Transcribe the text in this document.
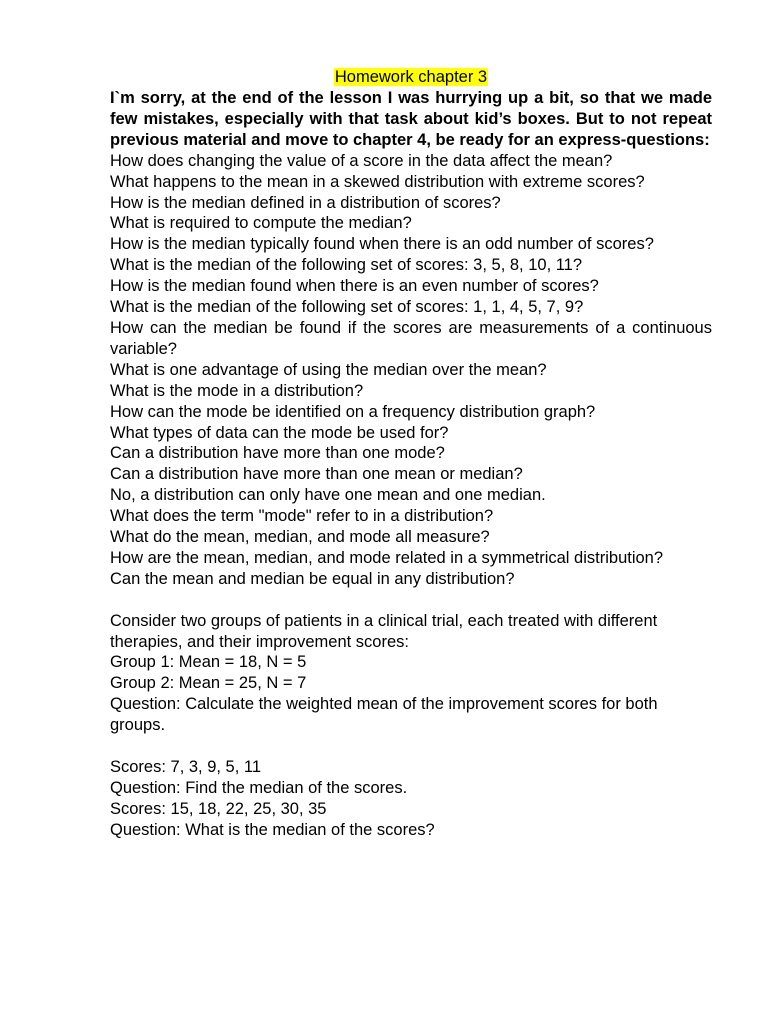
Homework chapter 3

I`m sorry, at the end of the lesson I was hurrying up a bit, so that we made few mistakes, especially with that task about kid’s boxes. But to not repeat previous material and move to chapter 4, be ready for an express-questions:

How does changing the value of a score in the data affect the mean?

What happens to the mean in a skewed distribution with extreme scores?

How is the median defined in a distribution of scores?

What is required to compute the median?

How is the median typically found when there is an odd number of scores?

What is the median of the following set of scores: 3, 5, 8, 10, 11?

How is the median found when there is an even number of scores?

What is the median of the following set of scores: 1, 1, 4, 5, 7, 9?

How can the median be found if the scores are measurements of a continuous variable?

What is one advantage of using the median over the mean?

What is the mode in a distribution?

How can the mode be identified on a frequency distribution graph?

What types of data can the mode be used for?

Can a distribution have more than one mode?

Can a distribution have more than one mean or median?

No, a distribution can only have one mean and one median.

What does the term "mode" refer to in a distribution?

What do the mean, median, and mode all measure?

How are the mean, median, and mode related in a symmetrical distribution?

Can the mean and median be equal in any distribution?

Consider two groups of patients in a clinical trial, each treated with different therapies, and their improvement scores:

Group 1: Mean = 18, N = 5

Group 2: Mean = 25, N = 7

Question: Calculate the weighted mean of the improvement scores for both groups.

Scores: 7, 3, 9, 5, 11

Question: Find the median of the scores.

Scores: 15, 18, 22, 25, 30, 35

Question: What is the median of the scores?
